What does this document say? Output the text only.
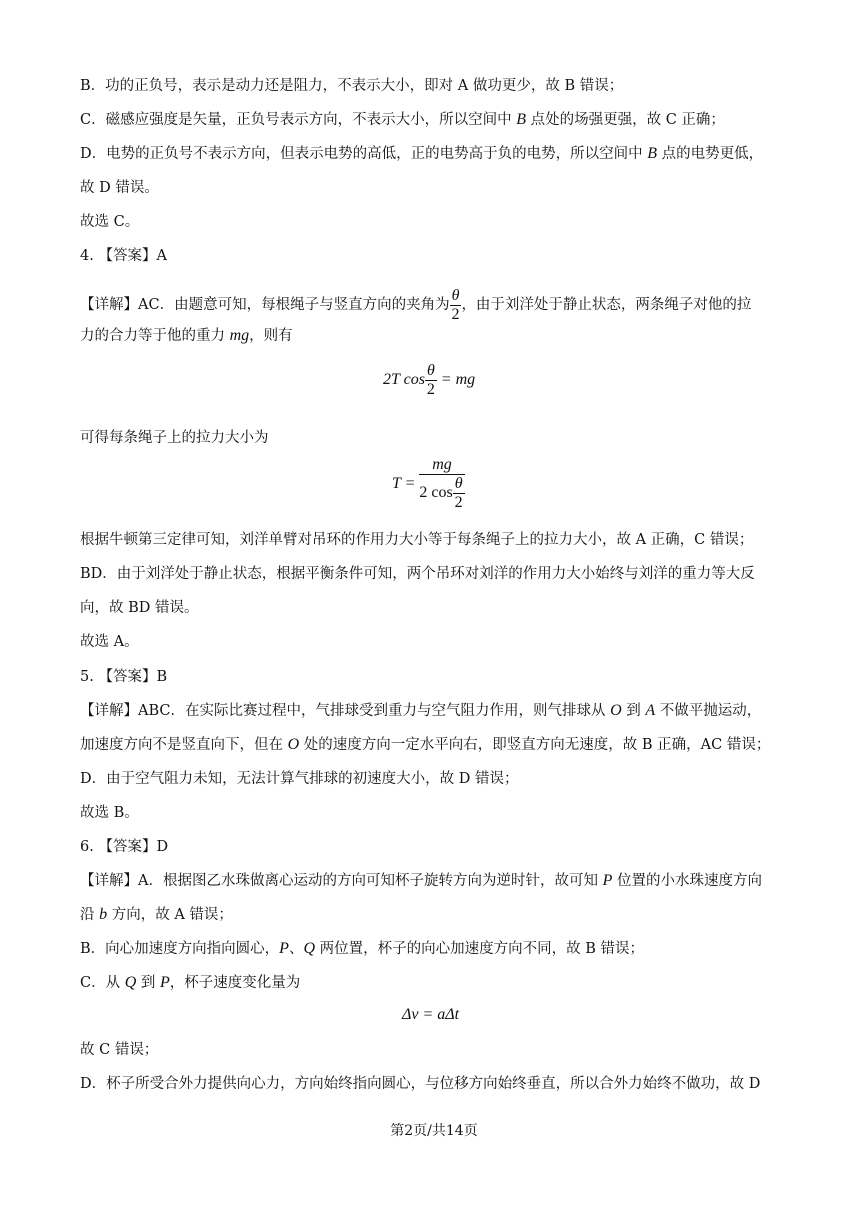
B．功的正负号，表示是动力还是阻力，不表示大小，即对 A 做功更少，故 B 错误；
C．磁感应强度是矢量，正负号表示方向，不表示大小，所以空间中 B 点处的场强更强，故 C 正确；
D．电势的正负号不表示方向，但表示电势的高低，正的电势高于负的电势，所以空间中 B 点的电势更低，
故 D 错误。
故选 C。
4. 【答案】A
【详解】AC．由题意可知，每根绳子与竖直方向的夹角为 $\frac{\theta}{2}$ ，由于刘洋处于静止状态，两条绳子对他的拉
力的合力等于他的重力 mg，则有
2T $\cos \frac{\theta}{2}$ = mg
可得每条绳子上的拉力大小为
$T = \frac{mg}{2 \cos \frac{\theta}{2}}$
根据牛顿第三定律可知，刘洋单臂对吊环的作用力大小等于每条绳子上的拉力大小，故 A 正确，C 错误；
BD．由于刘洋处于静止状态，根据平衡条件可知，两个吊环对刘洋的作用力大小始终与刘洋的重力等大反
向，故 BD 错误。
故选 A。
5. 【答案】B
【详解】ABC．在实际比赛过程中，气排球受到重力与空气阻力作用，则气排球从 O 到 A 不做平抛运动，
加速度方向不是竖直向下，但在 O 处的速度方向一定水平向右，即竖直方向无速度，故 B 正确，AC 错误；
D．由于空气阻力未知，无法计算气排球的初速度大小，故 D 错误；
故选 B。
6. 【答案】D
【详解】A．根据图乙水珠做离心运动的方向可知杯子旋转方向为逆时针，故可知 P 位置的小水珠速度方向
沿 b 方向，故 A 错误；
B．向心加速度方向指向圆心，P、Q 两位置，杯子的向心加速度方向不同，故 B 错误；
C．从 Q 到 P，杯子速度变化量为
Δv = aΔt
故 C 错误；
D．杯子所受合外力提供向心力，方向始终指向圆心，与位移方向始终垂直，所以合外力始终不做功，故 D
第2页/共14页
